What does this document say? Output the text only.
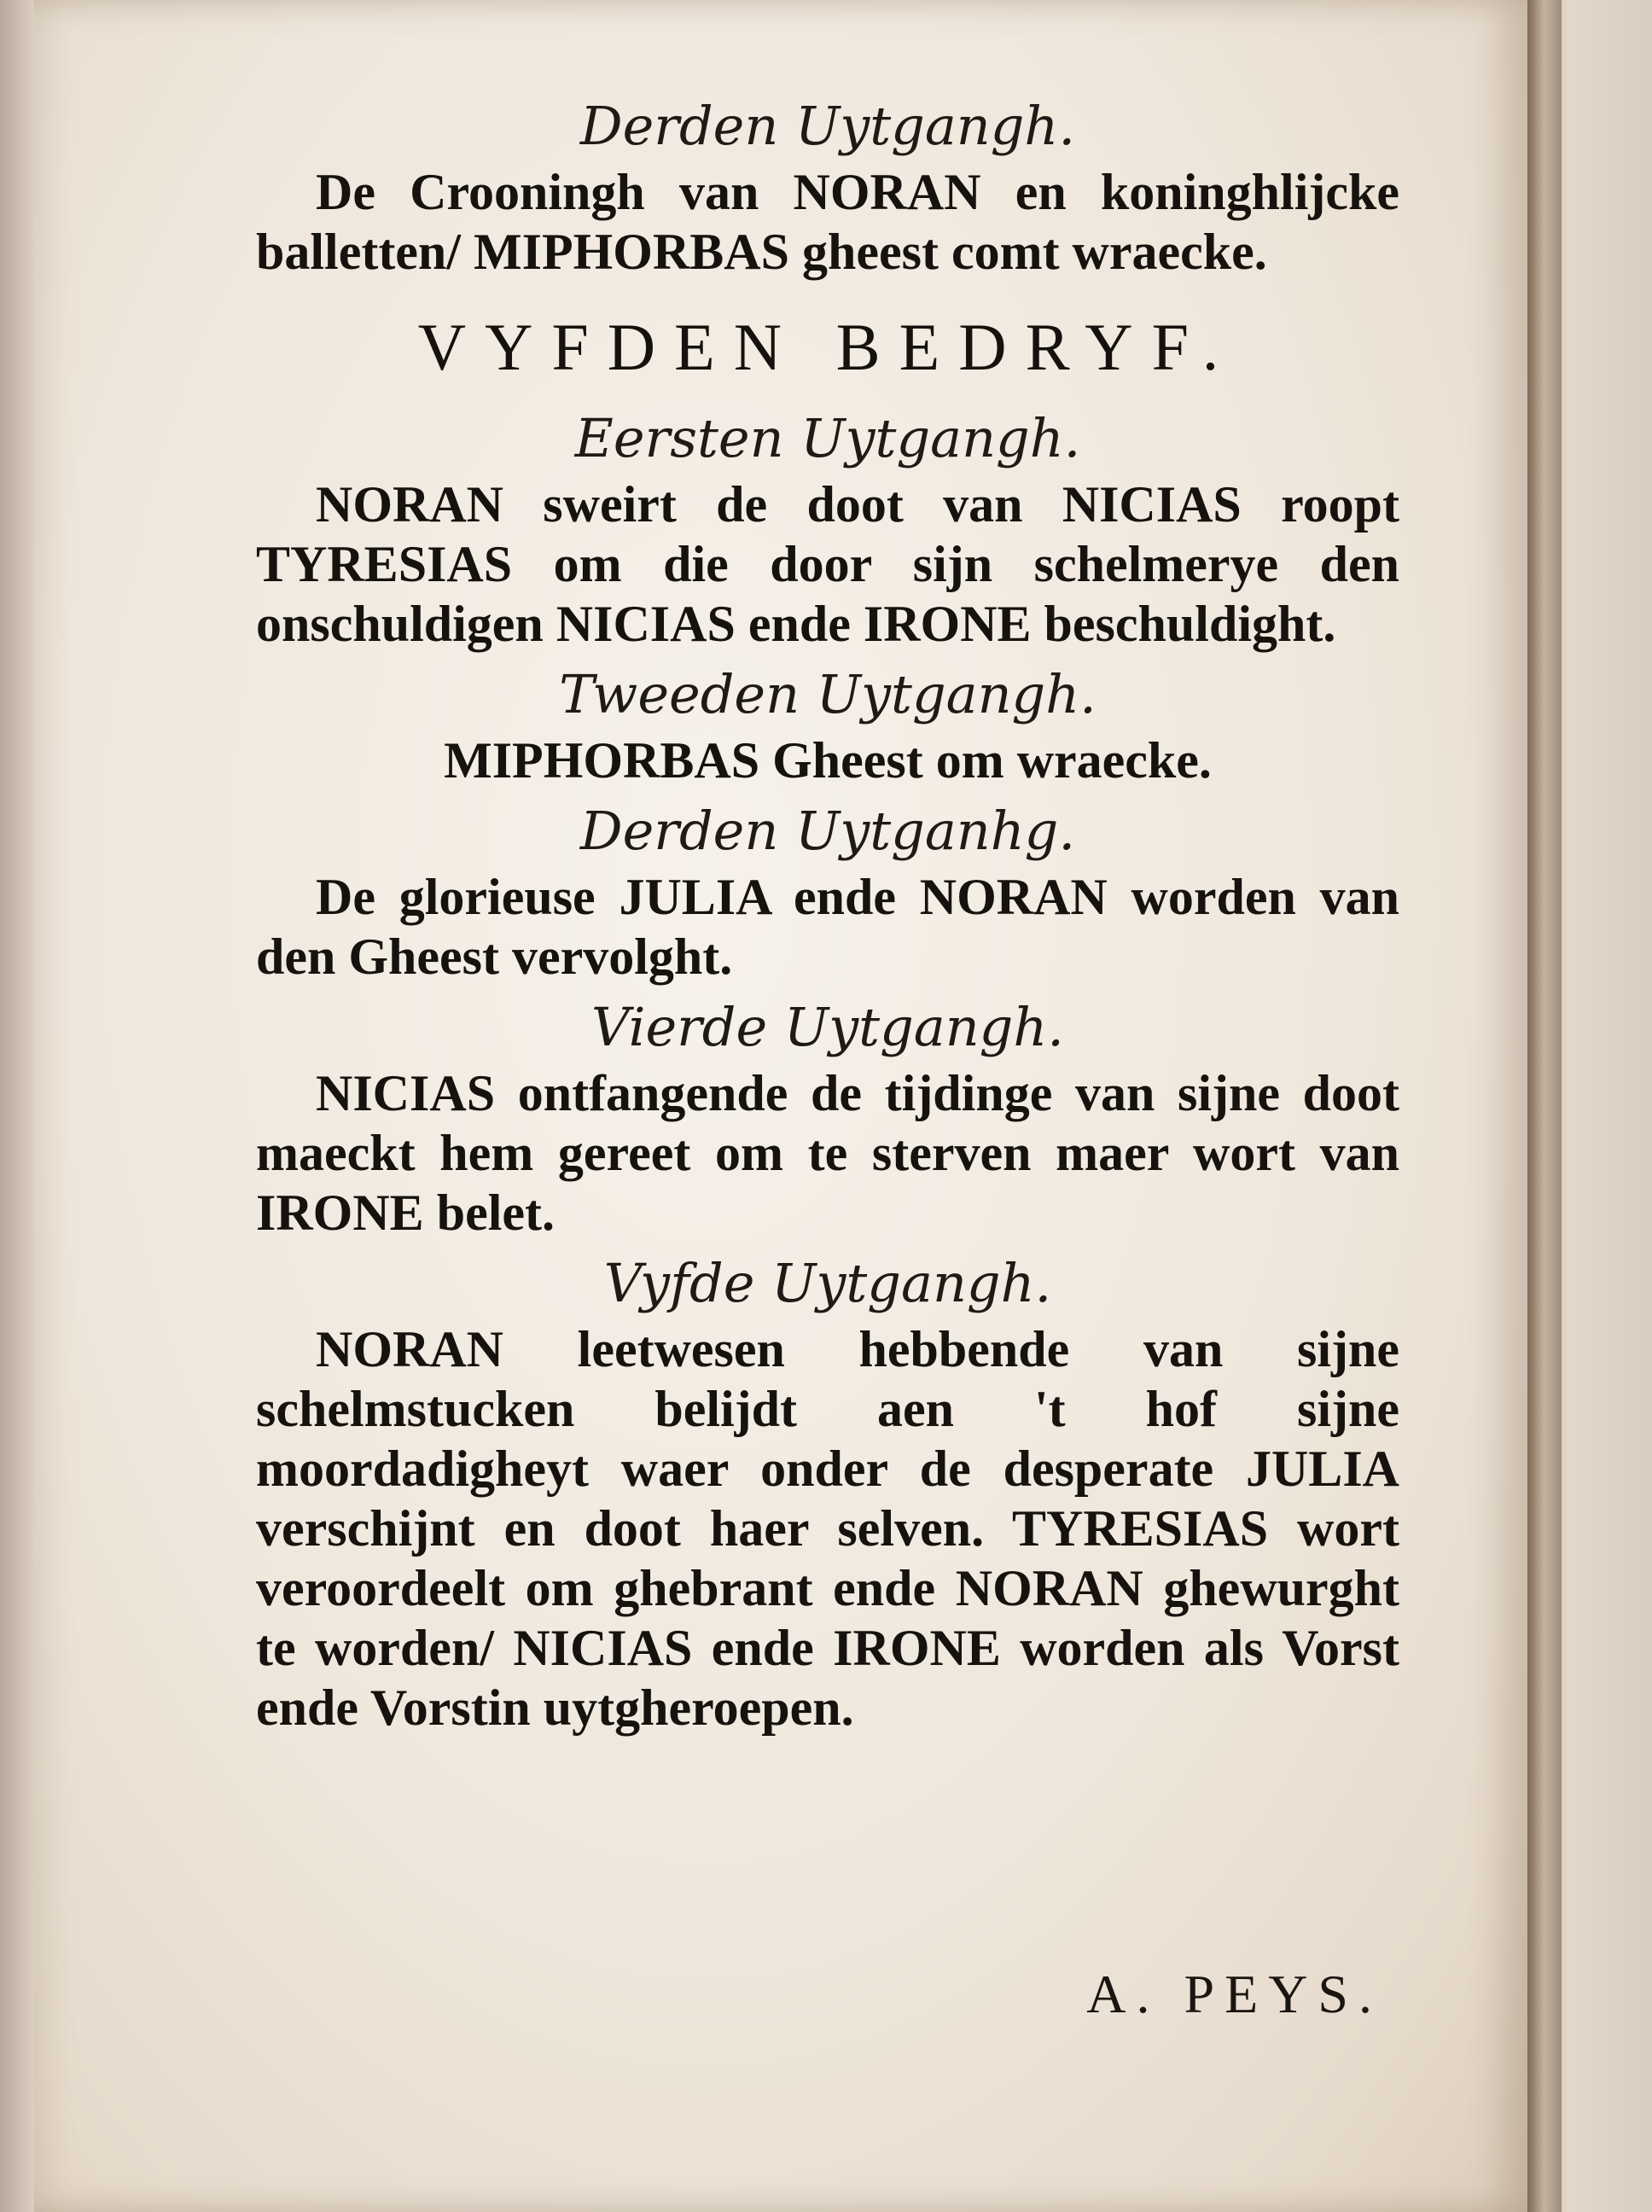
Derden Uytgangh.

De Crooningh van NORAN en koninghlijcke balletten/ MIPHORBAS gheest comt wraecke.

VYFDEN BEDRYF.

Eersten Uytgangh.

NORAN sweirt de doot van NICIAS roopt TYRESIAS om die door sijn schelmerye den onschuldigen NICIAS ende IRONE beschuldight.

Tweeden Uytgangh.

MIPHORBAS Gheest om wraecke.

Derden Uytganhg.

De glorieuse JULIA ende NORAN worden van den Gheest vervolght.

Vierde Uytgangh.

NICIAS ontfangende de tijdinge van sijne doot maeckt hem gereet om te sterven maer wort van IRONE belet.

Vyfde Uytgangh.

NORAN leetwesen hebbende van sijne schelmstucken belijdt aen 't hof sijne moordadigheyt waer onder de desperate JULIA verschijnt en doot haer selven. TYRESIAS wort veroordeelt om ghebrant ende NORAN ghewurght te worden/ NICIAS ende IRONE worden als Vorst ende Vorstin uytgheroepen.

A. PEYS.
